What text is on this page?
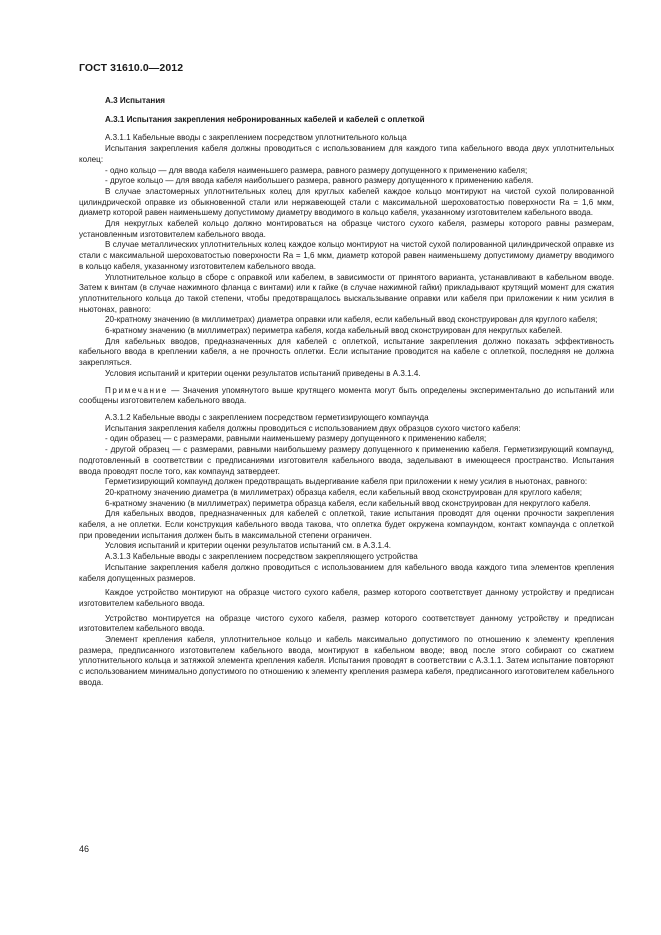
ГОСТ 31610.0—2012

А.3 Испытания

А.3.1 Испытания закрепления небронированных кабелей и кабелей с оплеткой

А.3.1.1 Кабельные вводы с закреплением посредством уплотнительного кольца

Испытания закрепления кабеля должны проводиться с использованием для каждого типа кабельного ввода двух уплотнительных колец:

- одно кольцо — для ввода кабеля наименьшего размера, равного размеру допущенного к применению кабеля;

- другое кольцо — для ввода кабеля наибольшего размера, равного размеру допущенного к применению кабеля.

В случае эластомерных уплотнительных колец для круглых кабелей каждое кольцо монтируют на чистой сухой полированной цилиндрической оправке из обыкновенной стали или нержавеющей стали с максимальной шероховатостью поверхности Ra = 1,6 мкм, диаметр которой равен наименьшему допустимому диаметру вводимого в кольцо кабеля, указанному изготовителем кабельного ввода.

Для некруглых кабелей кольцо должно монтироваться на образце чистого сухого кабеля, размеры которого равны размерам, установленным изготовителем кабельного ввода.

В случае металлических уплотнительных колец каждое кольцо монтируют на чистой сухой полированной цилиндрической оправке из стали с максимальной шероховатостью поверхности Ra = 1,6 мкм, диаметр которой равен наименьшему допустимому диаметру вводимого в кольцо кабеля, указанному изготовителем кабельного ввода.

Уплотнительное кольцо в сборе с оправкой или кабелем, в зависимости от принятого варианта, устанавливают в кабельном вводе. Затем к винтам (в случае нажимного фланца с винтами) или к гайке (в случае нажимной гайки) прикладывают крутящий момент для сжатия уплотнительного кольца до такой степени, чтобы предотвращалось выскальзывание оправки или кабеля при приложении к ним усилия в ньютонах, равного:

20-кратному значению (в миллиметрах) диаметра оправки или кабеля, если кабельный ввод сконструирован для круглого кабеля;

6-кратному значению (в миллиметрах) периметра кабеля, когда кабельный ввод сконструирован для некруглых кабелей.

Для кабельных вводов, предназначенных для кабелей с оплеткой, испытание закрепления должно показать эффективность кабельного ввода в креплении кабеля, а не прочность оплетки. Если испытание проводится на кабеле с оплеткой, последняя не должна закрепляться.

Условия испытаний и критерии оценки результатов испытаний приведены в А.3.1.4.

Примечание — Значения упомянутого выше крутящего момента могут быть определены экспериментально до испытаний или сообщены изготовителем кабельного ввода.

А.3.1.2 Кабельные вводы с закреплением посредством герметизирующего компаунда

Испытания закрепления кабеля должны проводиться с использованием двух образцов сухого чистого кабеля:

- один образец — с размерами, равными наименьшему размеру допущенного к применению кабеля;

- другой образец — с размерами, равными наибольшему размеру допущенного к применению кабеля. Герметизирующий компаунд, подготовленный в соответствии с предписаниями изготовителя кабельного ввода, заделывают в имеющееся пространство. Испытания ввода проводят после того, как компаунд затвердеет.

Герметизирующий компаунд должен предотвращать выдергивание кабеля при приложении к нему усилия в ньютонах, равного:

20-кратному значению диаметра (в миллиметрах) образца кабеля, если кабельный ввод сконструирован для круглого кабеля;

6-кратному значению (в миллиметрах) периметра образца кабеля, если кабельный ввод сконструирован для некруглого кабеля.

Для кабельных вводов, предназначенных для кабелей с оплеткой, такие испытания проводят для оценки прочности закрепления кабеля, а не оплетки. Если конструкция кабельного ввода такова, что оплетка будет окружена компаундом, контакт компаунда с оплеткой при проведении испытания должен быть в максимальной степени ограничен.

Условия испытаний и критерии оценки результатов испытаний см. в А.3.1.4.

А.3.1.3 Кабельные вводы с закреплением посредством закрепляющего устройства

Испытание закрепления кабеля должно проводиться с использованием для кабельного ввода каждого типа элементов крепления кабеля допущенных размеров.

Каждое устройство монтируют на образце чистого сухого кабеля, размер которого соответствует данному устройству и предписан изготовителем кабельного ввода.

Устройство монтируется на образце чистого сухого кабеля, размер которого соответствует данному устройству и предписан изготовителем кабельного ввода.

Элемент крепления кабеля, уплотнительное кольцо и кабель максимально допустимого по отношению к элементу крепления размера, предписанного изготовителем кабельного ввода, монтируют в кабельном вводе; ввод после этого собирают со сжатием уплотнительного кольца и затяжкой элемента крепления кабеля. Испытания проводят в соответствии с А.3.1.1. Затем испытание повторяют с использованием минимально допустимого по отношению к элементу крепления размера кабеля, предписанного изготовителем кабельного ввода.

46
